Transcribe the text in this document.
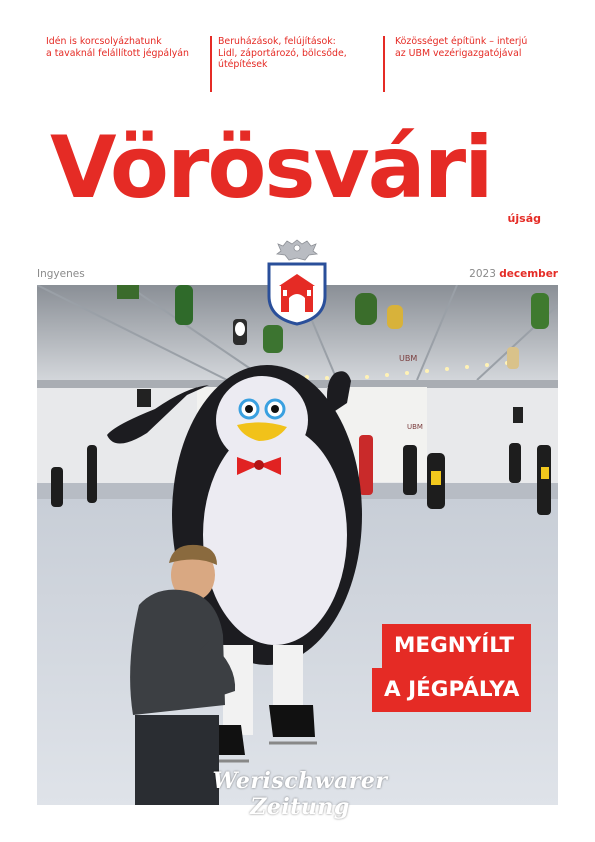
Idén is korcsolyázhatunk
a tavaknál felállított jégpályán
Beruházások, felújítások:
Lidl, záportározó, bölcsőde,
útépítések
Közösséget építünk – interjú
az UBM vezérigazgatójával
Vörösvári
újság
Ingyenes	2023 december
UBM
UBM
MEGNYÍLT
A JÉGPÁLYA
Werischwarer Zeitung
